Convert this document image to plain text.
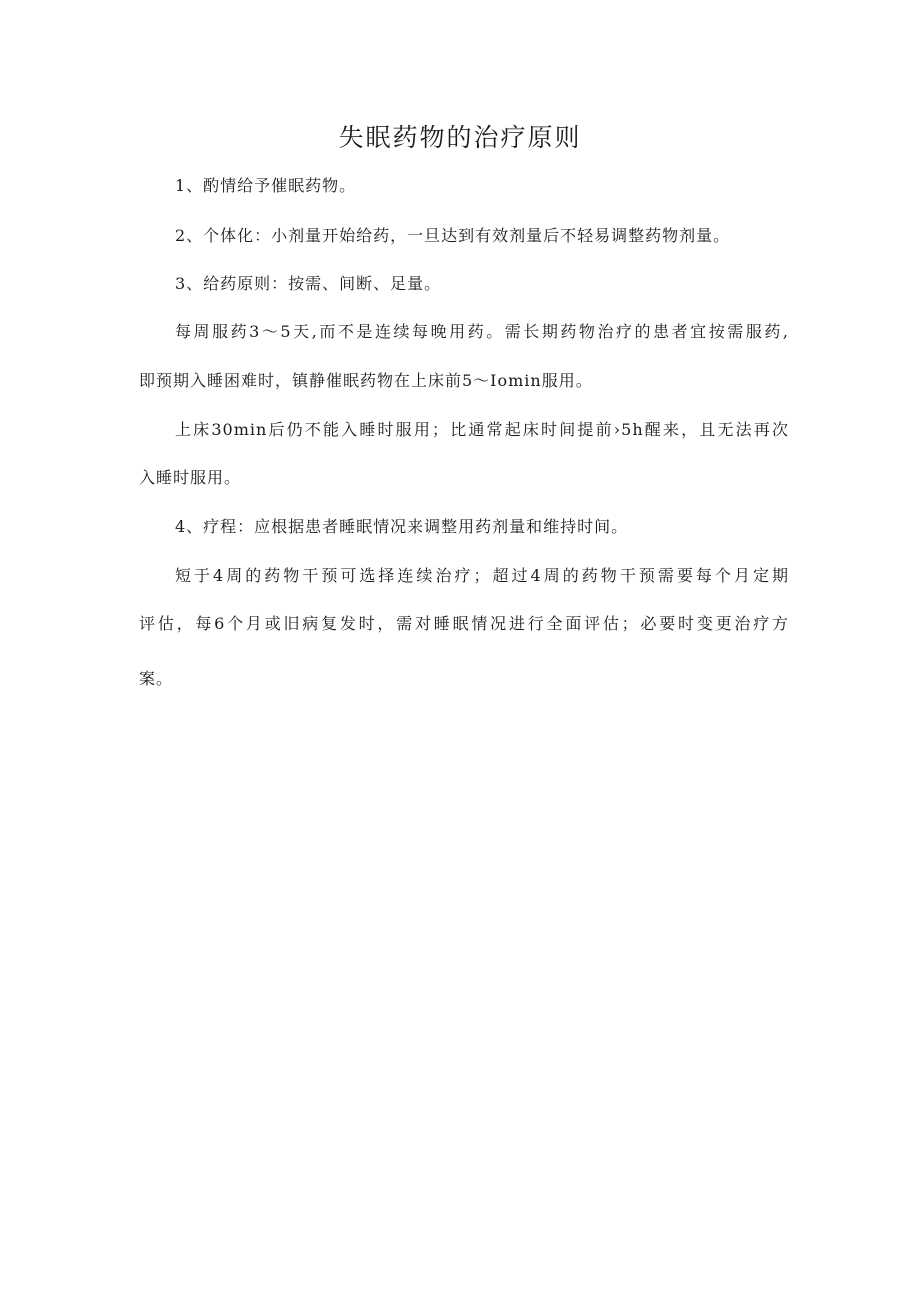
失眠药物的治疗原则

1、酌情给予催眠药物。

2、个体化：小剂量开始给药，一旦达到有效剂量后不轻易调整药物剂量。

3、给药原则：按需、间断、足量。

每周服药3～5天,而不是连续每晚用药。需长期药物治疗的患者宜按需服药,

即预期入睡困难时，镇静催眠药物在上床前5～Iomin服用。

上床30min后仍不能入睡时服用；比通常起床时间提前›5h醒来，且无法再次

入睡时服用。

4、疗程：应根据患者睡眠情况来调整用药剂量和维持时间。

短于4周的药物干预可选择连续治疗；超过4周的药物干预需要每个月定期

评估，每6个月或旧病复发时，需对睡眠情况进行全面评估；必要时变更治疗方

案。
